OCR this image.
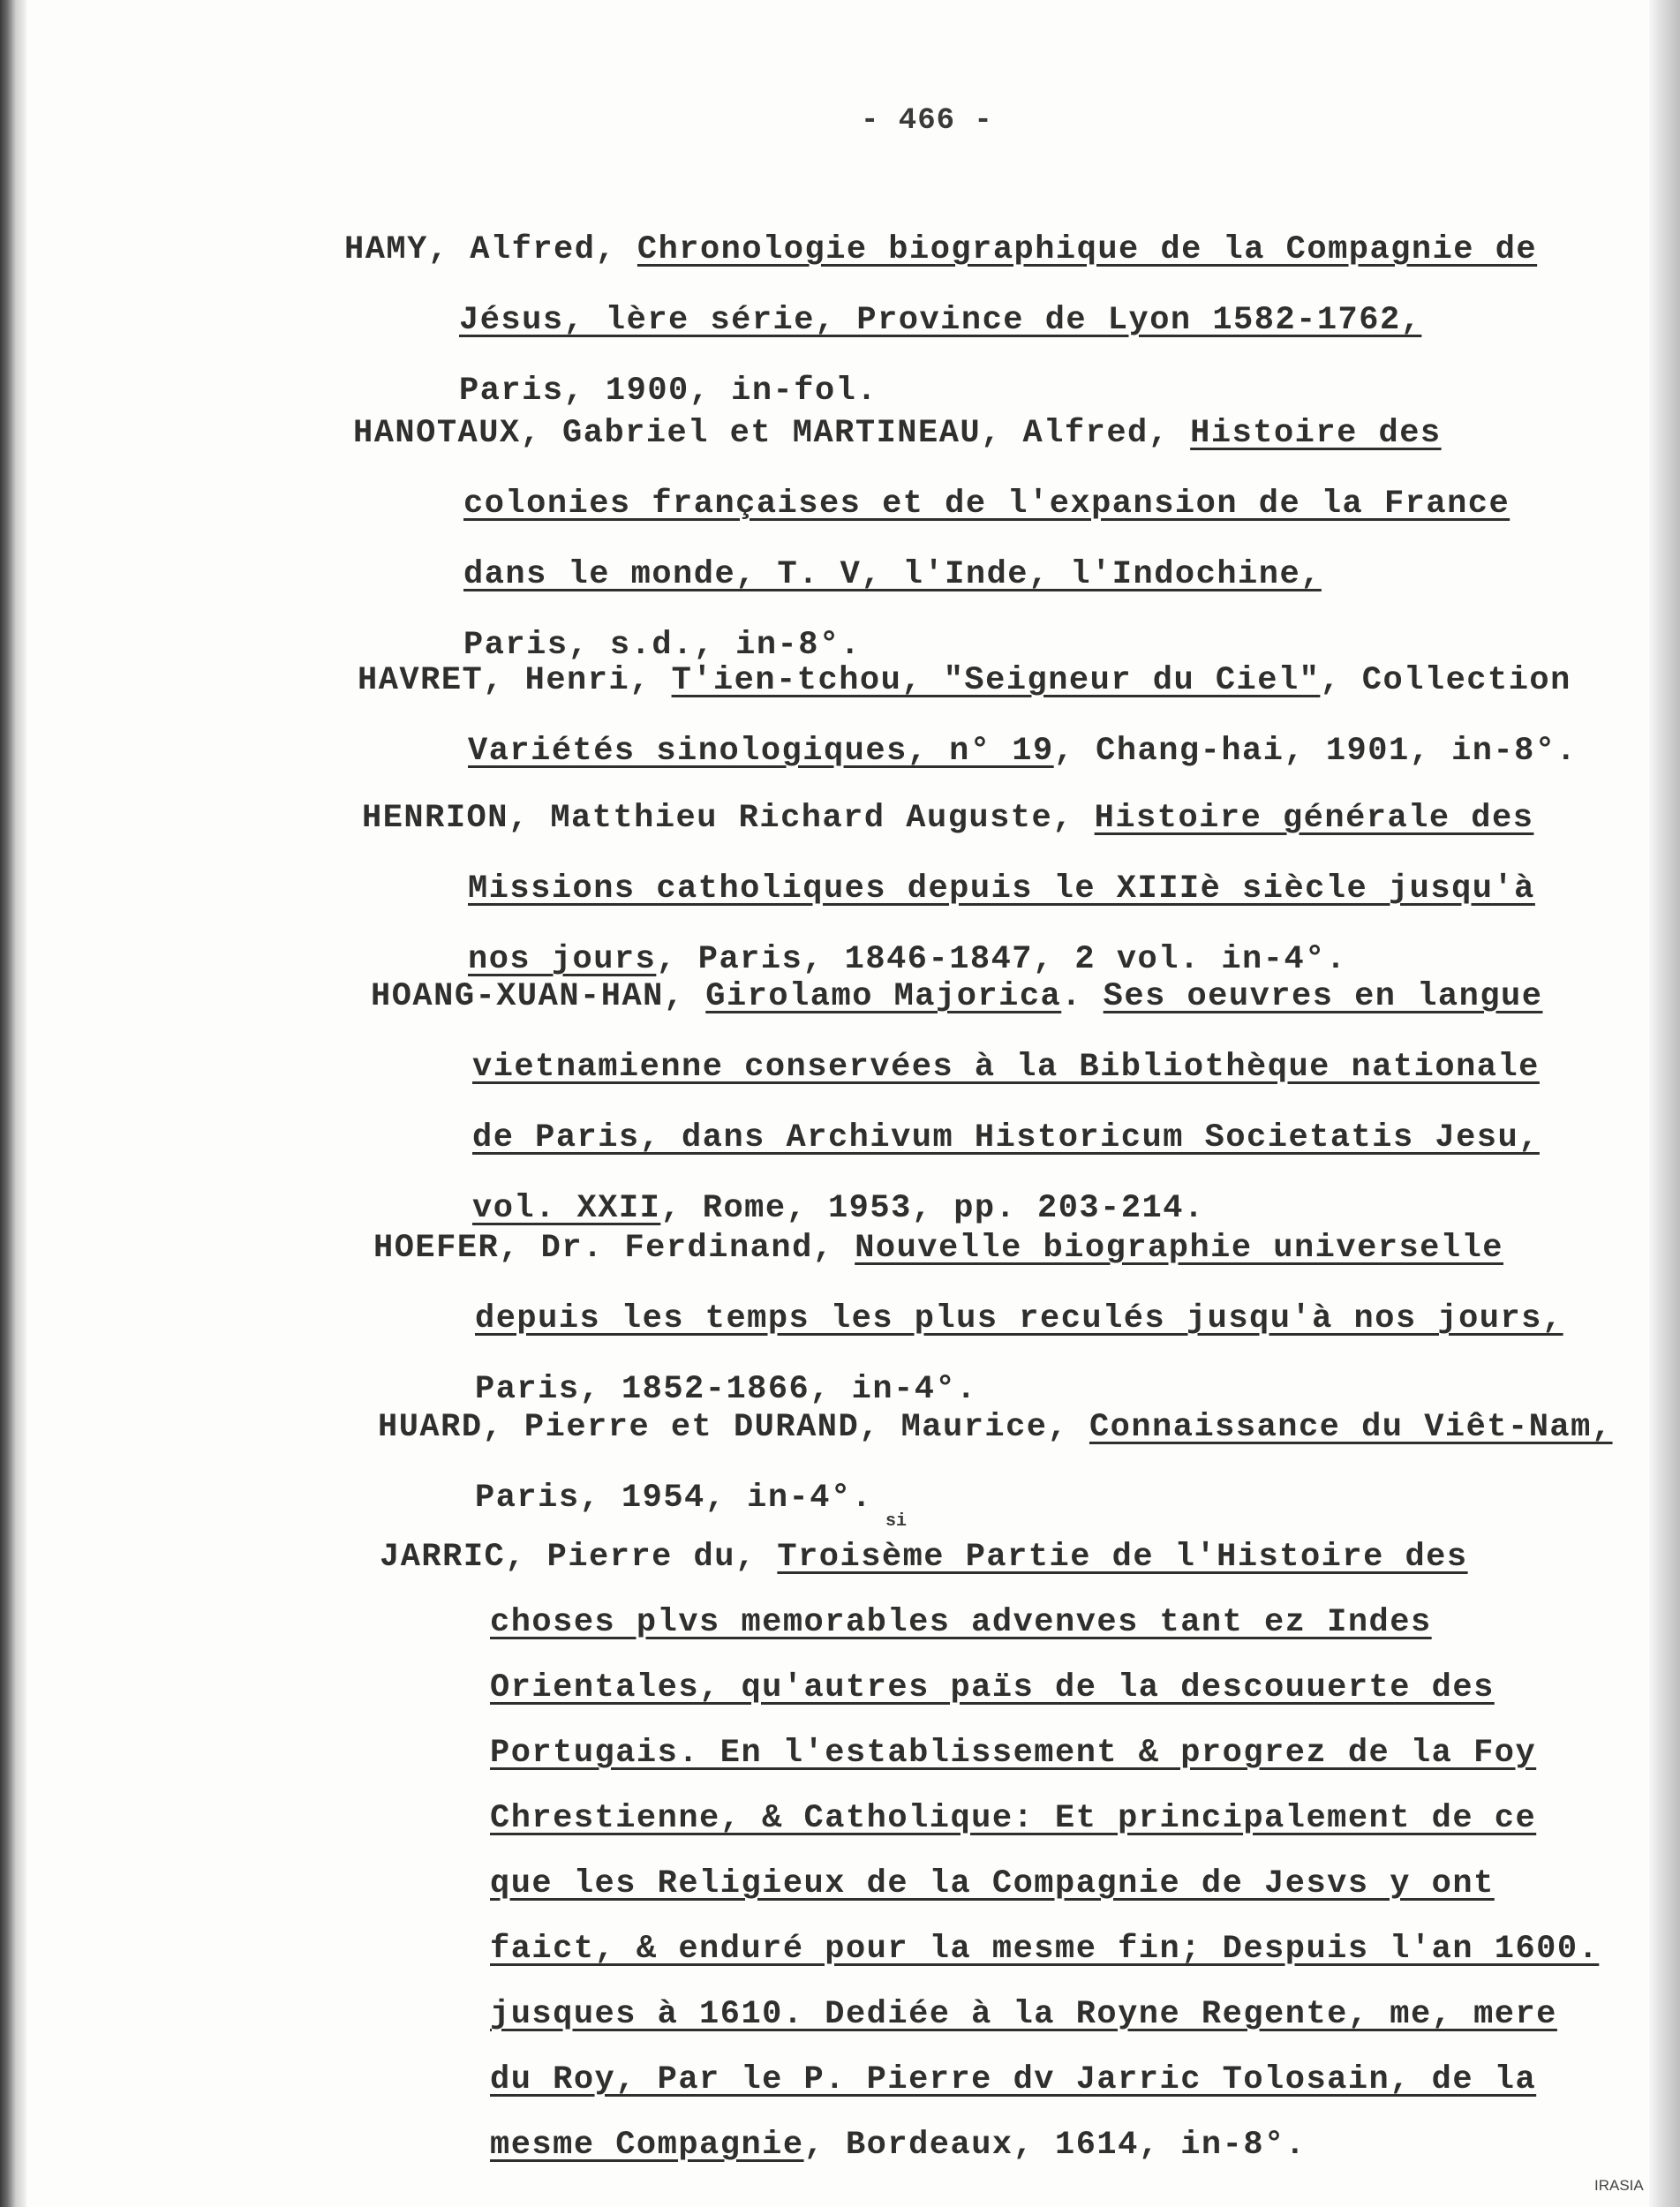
- 466 -
HAMY, Alfred, Chronologie biographique de la Compagnie de
Jésus, lère série, Province de Lyon 1582-1762,
Paris, 1900, in-fol.
HANOTAUX, Gabriel et MARTINEAU, Alfred, Histoire des
colonies françaises et de l'expansion de la France
dans le monde, T. V, l'Inde, l'Indochine,
Paris, s.d., in-8°.
HAVRET, Henri, T'ien-tchou, "Seigneur du Ciel", Collection
Variétés sinologiques, n° 19, Chang-hai, 1901, in-8°.
HENRION, Matthieu Richard Auguste, Histoire générale des
Missions catholiques depuis le XIIIè siècle jusqu'à
nos jours, Paris, 1846-1847, 2 vol. in-4°.
HOANG-XUAN-HAN, Girolamo Majorica. Ses oeuvres en langue
vietnamienne conservées à la Bibliothèque nationale
de Paris, dans Archivum Historicum Societatis Jesu,
vol. XXII, Rome, 1953, pp. 203-214.
HOEFER, Dr. Ferdinand, Nouvelle biographie universelle
depuis les temps les plus reculés jusqu'à nos jours,
Paris, 1852-1866, in-4°.
HUARD, Pierre et DURAND, Maurice, Connaissance du Viêt-Nam,
Paris, 1954, in-4°.
JARRIC, Pierre du, Troisème Partie de l'Histoire des
choses plvs memorables advenves tant ez Indes
Orientales, qu'autres païs de la descouuerte des
Portugais. En l'establissement & progrez de la Foy
Chrestienne, & Catholique: Et principalement de ce
que les Religieux de la Compagnie de Jesvs y ont
faict, & enduré pour la mesme fin; Despuis l'an 1600.
jusques à 1610. Dediée à la Royne Regente, me, mere
du Roy, Par le P. Pierre dv Jarric Tolosain, de la
mesme Compagnie, Bordeaux, 1614, in-8°.
si
IRASIA
